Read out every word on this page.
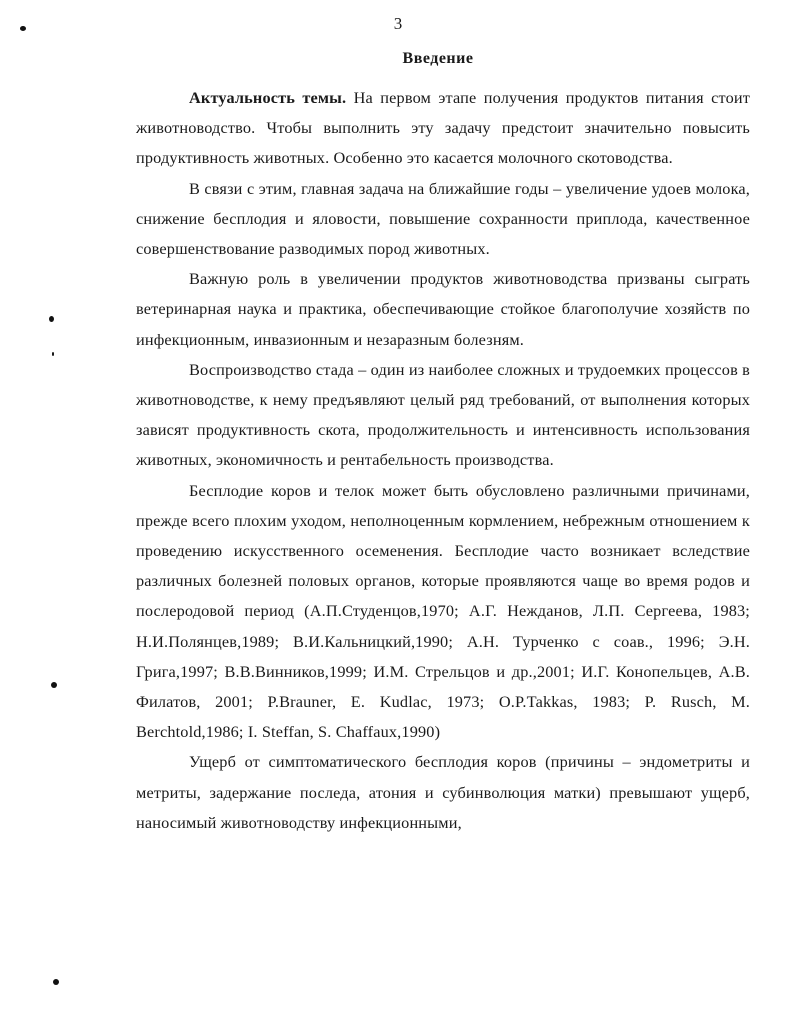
3
Введение

Актуальность темы. На первом этапе получения продуктов питания стоит животноводство. Чтобы выполнить эту задачу предстоит значительно повысить продуктивность животных. Особенно это касается молочного скотоводства.

В связи с этим, главная задача на ближайшие годы – увеличение удоев молока, снижение бесплодия и яловости, повышение сохранности приплода, качественное совершенствование разводимых пород животных.

Важную роль в увеличении продуктов животноводства призваны сыграть ветеринарная наука и практика, обеспечивающие стойкое благополучие хозяйств по инфекционным, инвазионным и незаразным болезням.

Воспроизводство стада – один из наиболее сложных и трудоемких процессов в животноводстве, к нему предъявляют целый ряд требований, от выполнения которых зависят продуктивность скота, продолжительность и интенсивность использования животных, экономичность и рентабельность производства.

Бесплодие коров и телок может быть обусловлено различными причинами, прежде всего плохим уходом, неполноценным кормлением, небрежным отношением к проведению искусственного осеменения. Бесплодие часто возникает вследствие различных болезней половых органов, которые проявляются чаще во время родов и послеродовой период (А.П.Студенцов,1970; А.Г. Нежданов, Л.П. Сергеева, 1983; Н.И.Полянцев,1989; В.И.Кальницкий,1990; А.Н. Турченко с соав., 1996; Э.Н. Грига,1997; В.В.Винников,1999; И.М. Стрельцов и др.,2001; И.Г. Конопельцев, А.В. Филатов, 2001; P.Brauner, E. Kudlac, 1973; O.P.Takkas, 1983; P. Rusch, M. Berchtold,1986; I. Steffan, S. Chaffaux,1990)

Ущерб от симптоматического бесплодия коров (причины – эндометриты и метриты, задержание последа, атония и субинволюция матки) превышают ущерб, наносимый животноводству инфекционными,
